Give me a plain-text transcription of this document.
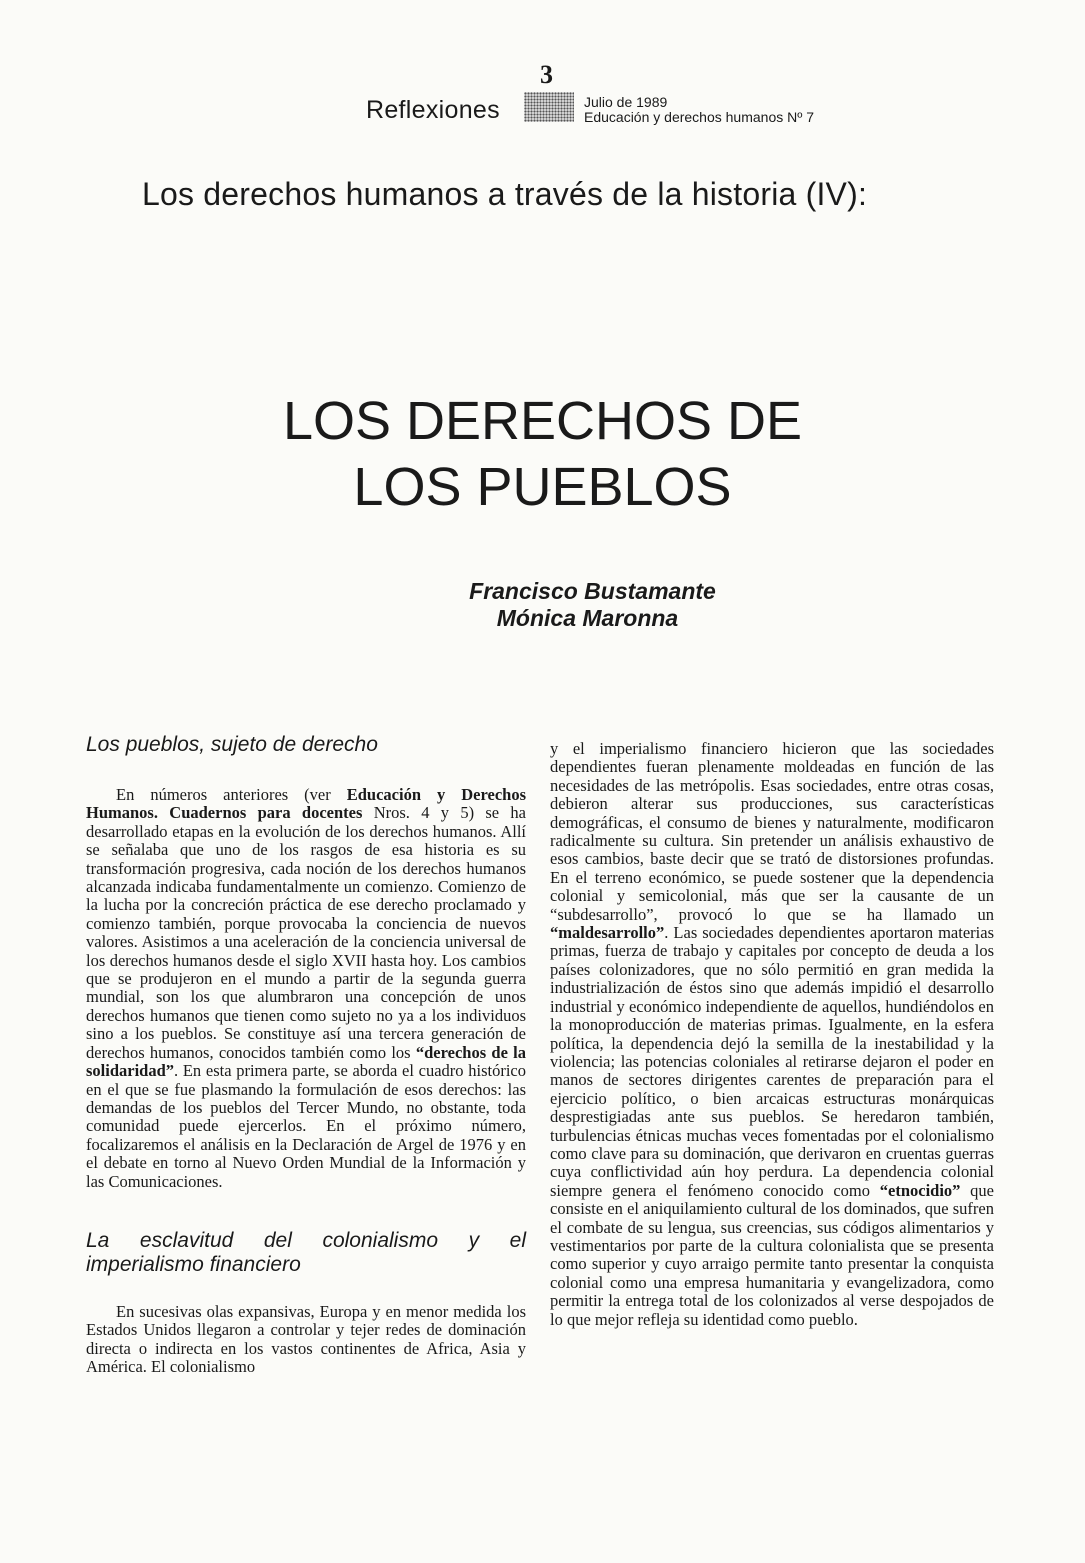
3
Reflexiones	Julio de 1989
Educación y derechos humanos Nº 7
Los derechos humanos a través de la historia (IV):
LOS DERECHOS DE
LOS PUEBLOS
Francisco Bustamante
Mónica Maronna
Los pueblos, sujeto de derecho

En números anteriores (ver Educación y Derechos Humanos. Cuadernos para docentes Nros. 4 y 5) se ha desarrollado etapas en la evolución de los derechos humanos. Allí se señalaba que uno de los rasgos de esa historia es su transformación progresiva, cada noción de los derechos humanos alcanzada indicaba fundamentalmente un comienzo. Comienzo de la lucha por la concreción práctica de ese derecho proclamado y comienzo también, porque provocaba la conciencia de nuevos valores. Asistimos a una aceleración de la conciencia universal de los derechos humanos desde el siglo XVII hasta hoy. Los cambios que se produjeron en el mundo a partir de la segunda guerra mundial, son los que alumbraron una concepción de unos derechos humanos que tienen como sujeto no ya a los individuos sino a los pueblos. Se constituye así una tercera generación de derechos humanos, conocidos también como los “derechos de la solidaridad”. En esta primera parte, se aborda el cuadro histórico en el que se fue plasmando la formulación de esos derechos: las demandas de los pueblos del Tercer Mundo, no obstante, toda comunidad puede ejercerlos. En el próximo número, focalizaremos el análisis en la Declaración de Argel de 1976 y en el debate en torno al Nuevo Orden Mundial de la Información y las Comunicaciones.

La esclavitud del colonialismo y el imperialismo financiero

En sucesivas olas expansivas, Europa y en menor medida los Estados Unidos llegaron a controlar y tejer redes de dominación directa o indirecta en los vastos continentes de Africa, Asia y América. El colonialismo

y el imperialismo financiero hicieron que las sociedades dependientes fueran plenamente moldeadas en función de las necesidades de las metrópolis. Esas sociedades, entre otras cosas, debieron alterar sus producciones, sus características demográficas, el consumo de bienes y naturalmente, modificaron radicalmente su cultura. Sin pretender un análisis exhaustivo de esos cambios, baste decir que se trató de distorsiones profundas. En el terreno económico, se puede sostener que la dependencia colonial y semicolonial, más que ser la causante de un “subdesarrollo”, provocó lo que se ha llamado un “maldesarrollo”. Las sociedades dependientes aportaron materias primas, fuerza de trabajo y capitales por concepto de deuda a los países colonizadores, que no sólo permitió en gran medida la industrialización de éstos sino que además impidió el desarrollo industrial y económico independiente de aquellos, hundiéndolos en la monoproducción de materias primas. Igualmente, en la esfera política, la dependencia dejó la semilla de la inestabilidad y la violencia; las potencias coloniales al retirarse dejaron el poder en manos de sectores dirigentes carentes de preparación para el ejercicio político, o bien arcaicas estructuras monárquicas desprestigiadas ante sus pueblos. Se heredaron también, turbulencias étnicas muchas veces fomentadas por el colonialismo como clave para su dominación, que derivaron en cruentas guerras cuya conflictividad aún hoy perdura. La dependencia colonial siempre genera el fenómeno conocido como “etnocidio” que consiste en el aniquilamiento cultural de los dominados, que sufren el combate de su lengua, sus creencias, sus códigos alimentarios y vestimentarios por parte de la cultura colonialista que se presenta como superior y cuyo arraigo permite tanto presentar la conquista colonial como una empresa humanitaria y evangelizadora, como permitir la entrega total de los colonizados al verse despojados de lo que mejor refleja su identidad como pueblo.
